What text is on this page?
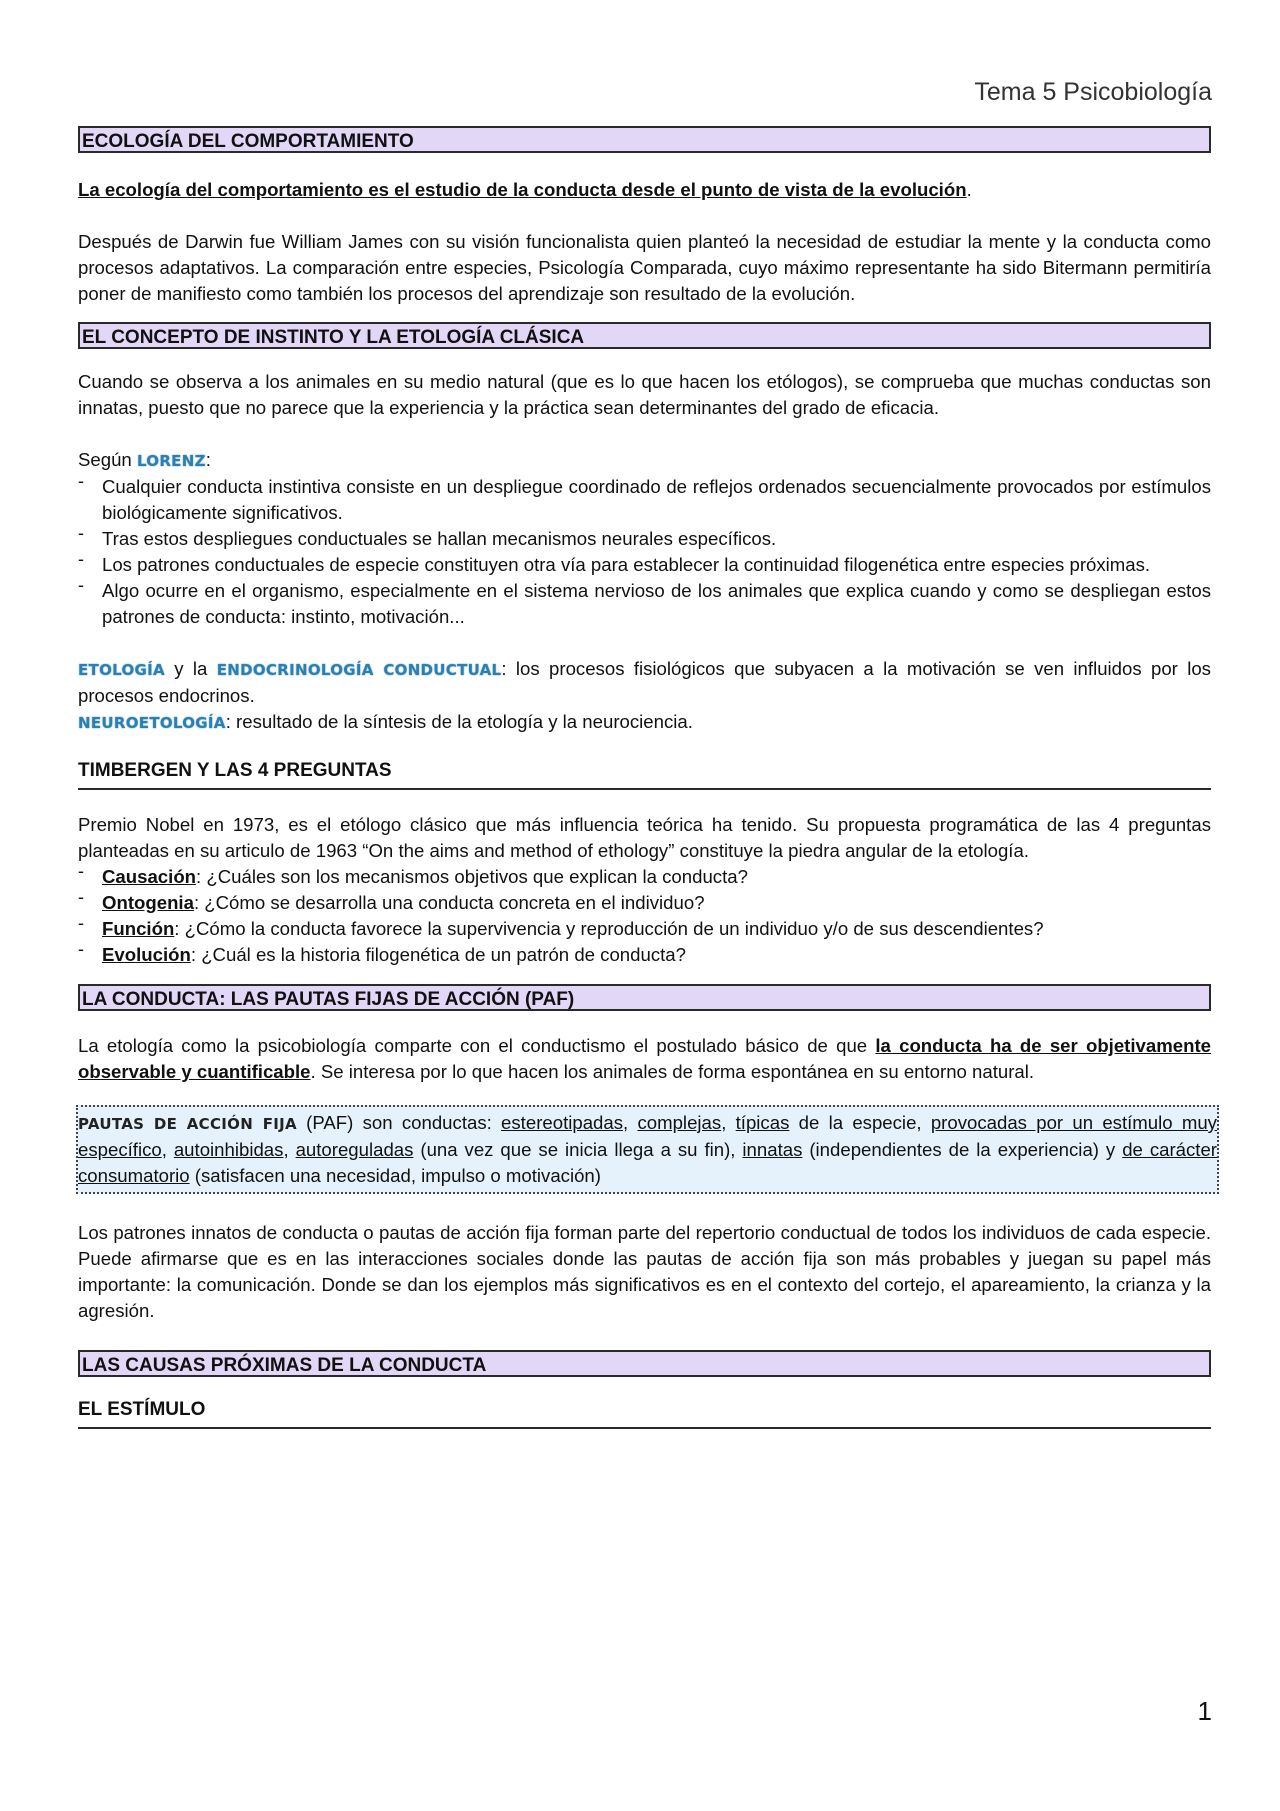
Tema 5 Psicobiología
ECOLOGÍA DEL COMPORTAMIENTO

La ecología del comportamiento es el estudio de la conducta desde el punto de vista de la evolución.

Después de Darwin fue William James con su visión funcionalista quien planteó la necesidad de estudiar la mente y la conducta como procesos adaptativos. La comparación entre especies, Psicología Comparada, cuyo máximo representante ha sido Bitermann permitiría poner de manifiesto como también los procesos del aprendizaje son resultado de la evolución.

EL CONCEPTO DE INSTINTO Y LA ETOLOGÍA CLÁSICA

Cuando se observa a los animales en su medio natural (que es lo que hacen los etólogos), se comprueba que muchas conductas son innatas, puesto que no parece que la experiencia y la práctica sean determinantes del grado de eficacia.

Según LORENZ:

- Cualquier conducta instintiva consiste en un despliegue coordinado de reflejos ordenados secuencialmente provocados por estímulos biológicamente significativos.
- Tras estos despliegues conductuales se hallan mecanismos neurales específicos.
- Los patrones conductuales de especie constituyen otra vía para establecer la continuidad filogenética entre especies próximas.
- Algo ocurre en el organismo, especialmente en el sistema nervioso de los animales que explica cuando y como se despliegan estos patrones de conducta: instinto, motivación...

ETOLOGÍA y la ENDOCRINOLOGÍA CONDUCTUAL: los procesos fisiológicos que subyacen a la motivación se ven influidos por los procesos endocrinos.

NEUROETOLOGÍA: resultado de la síntesis de la etología y la neurociencia.

TIMBERGEN Y LAS 4 PREGUNTAS

Premio Nobel en 1973, es el etólogo clásico que más influencia teórica ha tenido. Su propuesta programática de las 4 preguntas planteadas en su articulo de 1963 “On the aims and method of ethology” constituye la piedra angular de la etología.

- Causación: ¿Cuáles son los mecanismos objetivos que explican la conducta?
- Ontogenia: ¿Cómo se desarrolla una conducta concreta en el individuo?
- Función: ¿Cómo la conducta favorece la supervivencia y reproducción de un individuo y/o de sus descendientes?
- Evolución: ¿Cuál es la historia filogenética de un patrón de conducta?
LA CONDUCTA: LAS PAUTAS FIJAS DE ACCIÓN (PAF)

La etología como la psicobiología comparte con el conductismo el postulado básico de que la conducta ha de ser objetivamente observable y cuantificable. Se interesa por lo que hacen los animales de forma espontánea en su entorno natural.

PAUTAS DE ACCIÓN FIJA (PAF) son conductas: estereotipadas, complejas, típicas de la especie, provocadas por un estímulo muy específico, autoinhibidas, autoreguladas (una vez que se inicia llega a su fin), innatas (independientes de la experiencia) y de carácter consumatorio (satisfacen una necesidad, impulso o motivación)

Los patrones innatos de conducta o pautas de acción fija forman parte del repertorio conductual de todos los individuos de cada especie. Puede afirmarse que es en las interacciones sociales donde las pautas de acción fija son más probables y juegan su papel más importante: la comunicación. Donde se dan los ejemplos más significativos es en el contexto del cortejo, el apareamiento, la crianza y la agresión.

LAS CAUSAS PRÓXIMAS DE LA CONDUCTA
EL ESTÍMULO
1
